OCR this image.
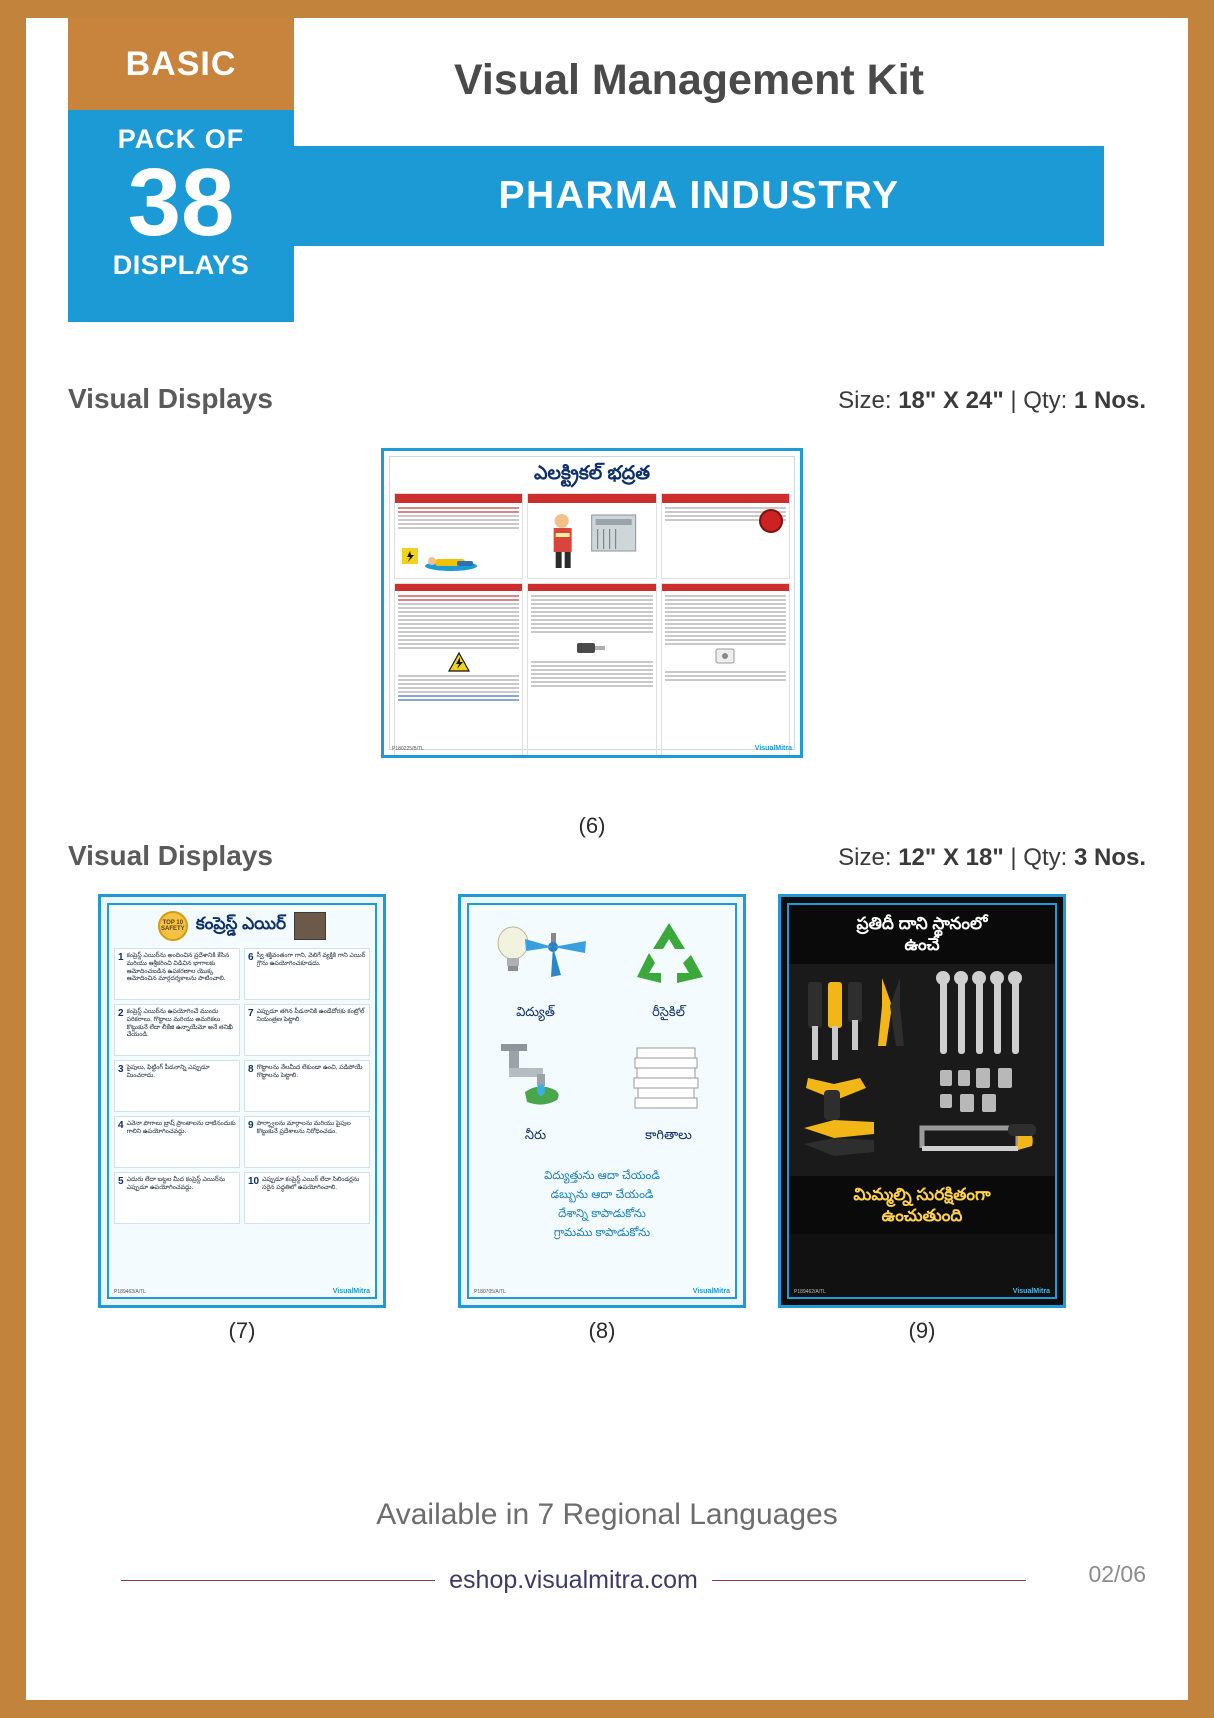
BASIC
PACK OF
38
DISPLAYS
Visual Management Kit
PHARMA INDUSTRY
Visual Displays	Size: 18" X 24" | Qty: 1 Nos.
ఎలక్ట్రికల్ భద్రత
P180225/B/TL	VisualMitra
(6)
Visual Displays	Size: 12" X 18" | Qty: 3 Nos.
TOP 10 SAFETY కంప్రెస్డ్ ఎయిర్
1 కంప్రెస్డ్ ఎయిర్‌ను అందించిన ప్రదేశానికి కేసిన మరియు ఆశ్రీకరించి విడిచిన భాగాలకు ఆమోదించబడిన ఉపకరణాల యొక్క ఆమోదించిన మార్గదర్శకాలను పాటించాలి.
6 స్వీ శక్తివంతంగా గాని, వెలిగే వ్యక్తికి గాని ఎయిర్ గ్రౌను ఉపయోగించకూడదు.
2 కంప్రెస్డ్ ఎయిర్‌ను ఉపయోగించే ముందు పరికరాలు, గొట్టాలు మరియు అమరికలు కొట్టుకునే లేదా లీకేజి ఉన్నాయేమో అనే తనిఖీ చేయండి.
7 ఎప్పుడూ తగిన పీడనానికి ఉండేదోరకు కంట్రోల్ నియంత్రణ పెట్టాలి.
3 పైపులు, ఫిట్టింగ్ పీడనాన్ని ఎప్పుడూ మించరాదు.
8 గొట్టాలను నేలమీద లేకుండా ఉంచి, పడిపోయే గొట్టాలను పెట్టాలి.
4 ఎవెనా పొగాలు బ్రాష్ ప్రాంతాలను దాటినందుకు గాలిని ఉపయోగించవద్దు.
9 పార్శ్వాలను మార్గాలను మరియు పైపుల కొట్టుకునే ప్రదేశాలను నిరోధించడం.
5 ఎదురు లేదా బట్టల మీద కంప్రెస్డ్ ఎయిర్‌ను ఎప్పుడూ ఉపయోగించవద్దు.
10 ఎప్పుడూ కంప్రెస్డ్ ఎయిర్ లేదా సిలిండర్లను సరైన పద్ధతిలో ఉపయోగించాలి.
P189463/A/TL	VisualMitra
(7)
విద్యుత్	రీసైకిల్
నీరు	కాగితాలు
విద్యుత్తును ఆదా చేయండి
డబ్బును ఆదా చేయండి
దేశాన్ని కాపాడుకోను
గ్రామము కాపాడుకోను
P180705/A/TL	VisualMitra
(8)
ప్రతిదీ దాని స్థానంలో
ఉంచే
మిమ్మల్ని సురక్షితంగా
ఉంచుతుంది
P189462/A/TL	VisualMitra
(9)
Available in 7 Regional Languages
eshop.visualmitra.com	02/06
